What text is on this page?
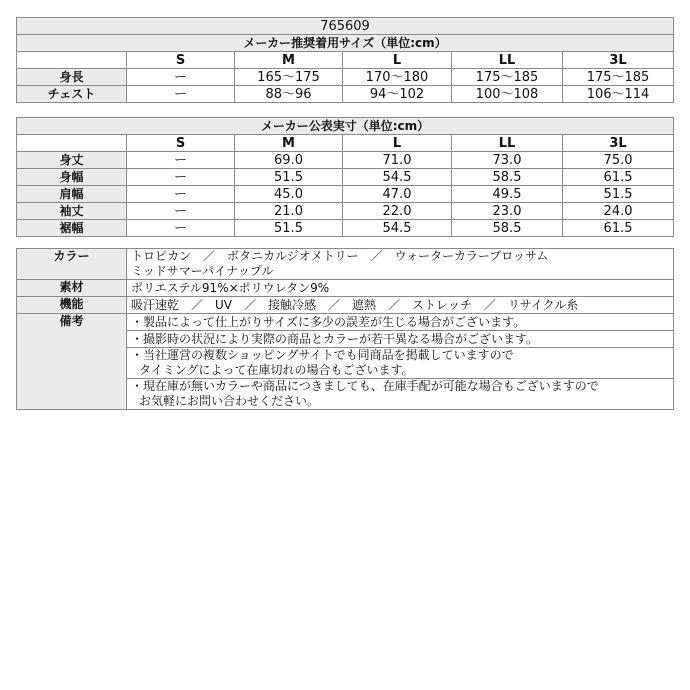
765609					
メーカー推奨着用サイズ（単位:cm）					
	S	M	L	LL	3L
身長	ー	165〜175	170〜180	175〜185	175〜185
チェスト	ー	88〜96	94〜102	100〜108	106〜114
メーカー公表実寸（単位:cm）					
	S	M	L	LL	3L
身丈	ー	69.0	71.0	73.0	75.0
身幅	ー	51.5	54.5	58.5	61.5
肩幅	ー	45.0	47.0	49.5	51.5
袖丈	ー	21.0	22.0	23.0	24.0
裾幅	ー	51.5	54.5	58.5	61.5
カラー	トロピカン　／　ボタニカルジオメトリー　／　ウォーターカラーブロッサム
ミッドサマーパイナップル

素材	ポリエステル91%×ポリウレタン9%
機能	吸汗速乾　／　UV　／　接触冷感　／　遮熱　／　ストレッチ　／　リサイクル糸
備考	・製品によって仕上がりサイズに多少の誤差が生じる場合がございます。

	・撮影時の状況により実際の商品とカラーが若干異なる場合がございます。

	・当社運営の複数ショッピングサイトでも同商品を掲載していますので
タイミングによって在庫切れの場合もございます。

	・現在庫が無いカラーや商品につきましても、在庫手配が可能な場合もございますので
お気軽にお問い合わせください。
